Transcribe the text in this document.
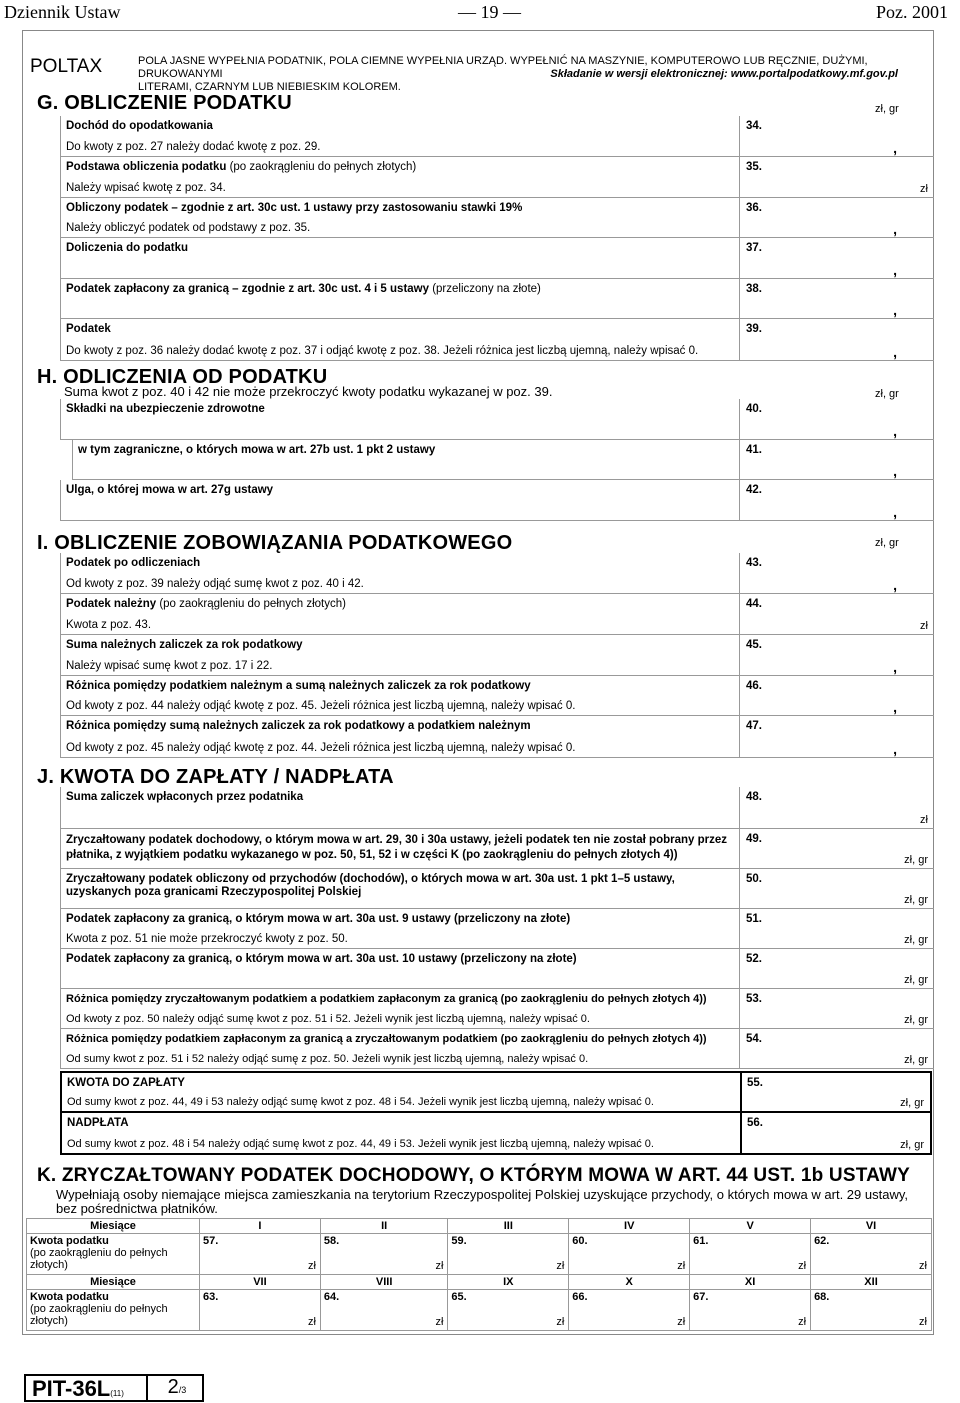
Dziennik Ustaw	— 19 —	Poz. 2001
POLTAX	POLA JASNE WYPEŁNIA PODATNIK, POLA CIEMNE WYPEŁNIA URZĄD. WYPEŁNIĆ NA MASZYNIE, KOMPUTEROWO LUB RĘCZNIE, DUŻYMI, DRUKOWANYMI
LITERAMI, CZARNYM LUB NIEBIESKIM KOLOREM.
Składanie w wersji elektronicznej: www.portalpodatkowy.mf.gov.pl
G. OBLICZENIE PODATKU	zł, gr
Dochód do opodatkowania
Do kwoty z poz. 27 należy dodać kwotę z poz. 29.
34.
,
Podstawa obliczenia podatku (po zaokrągleniu do pełnych złotych)
Należy wpisać kwotę z poz. 34.
35.
zł
Obliczony podatek – zgodnie z art. 30c ust. 1 ustawy przy zastosowaniu stawki 19%
Należy obliczyć podatek od podstawy z poz. 35.
36.
,
Doliczenia do podatku	37.
,
Podatek zapłacony za granicą – zgodnie z art. 30c ust. 4 i 5 ustawy (przeliczony na złote)	38.
,
Podatek
Do kwoty z poz. 36 należy dodać kwotę z poz. 37 i odjąć kwotę z poz. 38. Jeżeli różnica jest liczbą ujemną, należy wpisać 0.
39.
,
H. ODLICZENIA OD PODATKU
Suma kwot z poz. 40 i 42 nie może przekroczyć kwoty podatku wykazanej w poz. 39.	zł, gr
Składki na ubezpieczenie zdrowotne	40.
,
w tym zagraniczne, o których mowa w art. 27b ust. 1 pkt 2 ustawy	41.
,
Ulga, o której mowa w art. 27g ustawy	42.
,
I. OBLICZENIE ZOBOWIĄZANIA PODATKOWEGO	zł, gr
Podatek po odliczeniach
Od kwoty z poz. 39 należy odjąć sumę kwot z poz. 40 i 42.
43.
,
Podatek należny (po zaokrągleniu do pełnych złotych)
Kwota z poz. 43.
44.
zł
Suma należnych zaliczek za rok podatkowy
Należy wpisać sumę kwot z poz. 17 i 22.
45.
,
Różnica pomiędzy podatkiem należnym a sumą należnych zaliczek za rok podatkowy
Od kwoty z poz. 44 należy odjąć kwotę z poz. 45. Jeżeli różnica jest liczbą ujemną, należy wpisać 0.
46.
,
Różnica pomiędzy sumą należnych zaliczek za rok podatkowy a podatkiem należnym
Od kwoty z poz. 45 należy odjąć kwotę z poz. 44. Jeżeli różnica jest liczbą ujemną, należy wpisać 0.
47.
,
J. KWOTA DO ZAPŁATY / NADPŁATA
Suma zaliczek wpłaconych przez podatnika	48.
zł
Zryczałtowany podatek dochodowy, o którym mowa w art. 29, 30 i 30a ustawy, jeżeli podatek ten nie został pobrany przez płatnika, z wyjątkiem podatku wykazanego w poz. 50, 51, 52 i w części K (po zaokrągleniu do pełnych złotych 4))
49.
zł, gr
Zryczałtowany podatek obliczony od przychodów (dochodów), o których mowa w art. 30a ust. 1 pkt 1–5 ustawy, uzyskanych poza granicami Rzeczypospolitej Polskiej
50.
zł, gr
Podatek zapłacony za granicą, o którym mowa w art. 30a ust. 9 ustawy (przeliczony na złote)
Kwota z poz. 51 nie może przekroczyć kwoty z poz. 50.
51.
zł, gr
Podatek zapłacony za granicą, o którym mowa w art. 30a ust. 10 ustawy (przeliczony na złote)	52.
zł, gr
Różnica pomiędzy zryczałtowanym podatkiem a podatkiem zapłaconym za granicą (po zaokrągleniu do pełnych złotych 4))
Od kwoty z poz. 50 należy odjąć sumę kwot z poz. 51 i 52. Jeżeli wynik jest liczbą ujemną, należy wpisać 0.
53.
zł, gr
Różnica pomiędzy podatkiem zapłaconym za granicą a zryczałtowanym podatkiem (po zaokrągleniu do pełnych złotych 4))
Od sumy kwot z poz. 51 i 52 należy odjąć sumę z poz. 50. Jeżeli wynik jest liczbą ujemną, należy wpisać 0.
54.
zł, gr
KWOTA DO ZAPŁATY
Od sumy kwot z poz. 44, 49 i 53 należy odjąć sumę kwot z poz. 48 i 54. Jeżeli wynik jest liczbą ujemną, należy wpisać 0.
55.
zł, gr
NADPŁATA
Od sumy kwot z poz. 48 i 54 należy odjąć sumę kwot z poz. 44, 49 i 53. Jeżeli wynik jest liczbą ujemną, należy wpisać 0.
56.
zł, gr
K. ZRYCZAŁTOWANY PODATEK DOCHODOWY, O KTÓRYM MOWA W ART. 44 UST. 1b USTAWY
Wypełniają osoby niemające miejsca zamieszkania na terytorium Rzeczypospolitej Polskiej uzyskujące przychody, o których mowa w art. 29 ustawy,
bez pośrednictwa płatników.
Miesiące	I	II	III	IV	V	VI
Kwota podatku
(po zaokrągleniu do pełnych
złotych)	57.
zł	58.
zł	59.
zł	60.
zł	61.
zł	62.
zł

Miesiące	VII	VIII	IX	X	XI	XII
Kwota podatku
(po zaokrągleniu do pełnych
złotych)	63.
zł	64.
zł	65.
zł	66.
zł	67.
zł	68.
zł
PIT-36L(11)	2/3
